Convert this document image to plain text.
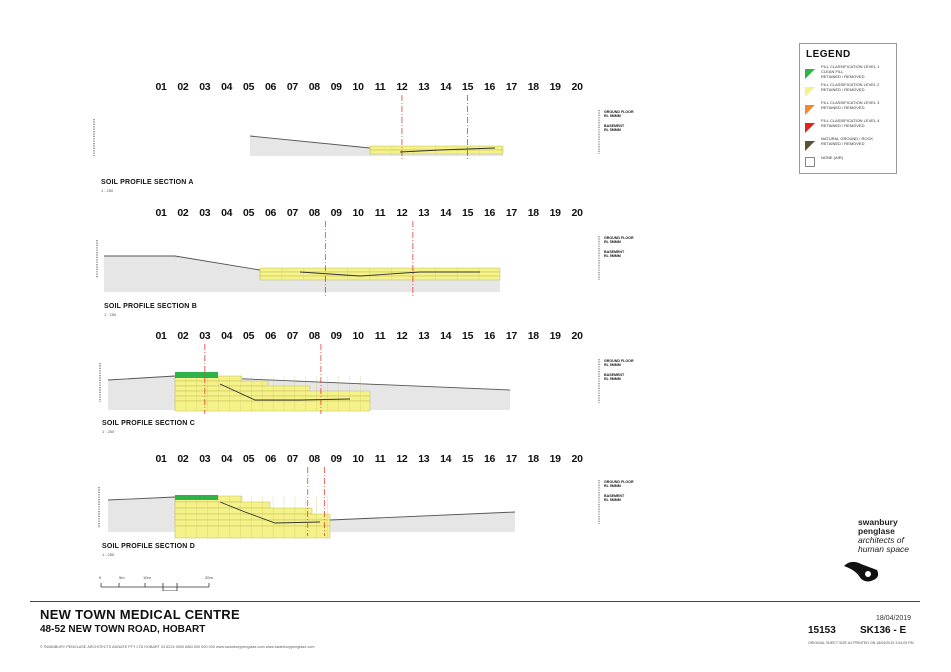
LEGEND
FILL CLASSIFICATION LEVEL 1
CLEAN FILL
RETAINED / REMOVED
FILL CLASSIFICATION LEVEL 2
RETAINED / REMOVED
FILL CLASSIFICATION LEVEL 3
RETAINED / REMOVED
FILL CLASSIFICATION LEVEL 4
RETAINED / REMOVED
NATURAL GROUND / ROCK
RETAINED / REMOVED
NONE (AIR)
01	02	03	04	05	06	07	08	09	10	11	12	13	14	15	16	17	18	19	20
01	02	03	04	05	06	07	08	09	10	11	12	13	14	15	16	17	18	19	20
01	02	03	04	05	06	07	08	09	10	11	12	13	14	15	16	17	18	19	20
01	02	03	04	05	06	07	08	09	10	11	12	13	14	15	16	17	18	19	20
GROUND FLOOR
RL 5MMM
BASEMENT
RL 5MMM
SOIL PROFILE SECTION A
1 : 250
GROUND FLOOR
RL 5MMM
BASEMENT
RL 5MMM
SOIL PROFILE SECTION B
1 : 250
GROUND FLOOR
RL 5MMM
BASEMENT
RL 5MMM
SOIL PROFILE SECTION C
1 : 250
GROUND FLOOR
RL 5MMM
BASEMENT
RL 5MMM
SOIL PROFILE SECTION D
1 : 250
0	5m	10m	20m
swanbury
penglase
architects of
human space
NEW TOWN MEDICAL CENTRE
48-52 NEW TOWN ROAD, HOBART
© SWANBURY PENGLASE ARCHITECTS ADNATE PTY LTD HOBART 03 6224 0000 ABN 000 000 000 www.swanburypenglase.com www.swanburypenglase.com
18/04/2019
15153 SK136 - E
ORIGINAL SHEET SIZE A3 PRINTED ON 18/04/2019 3:54:09 PM
